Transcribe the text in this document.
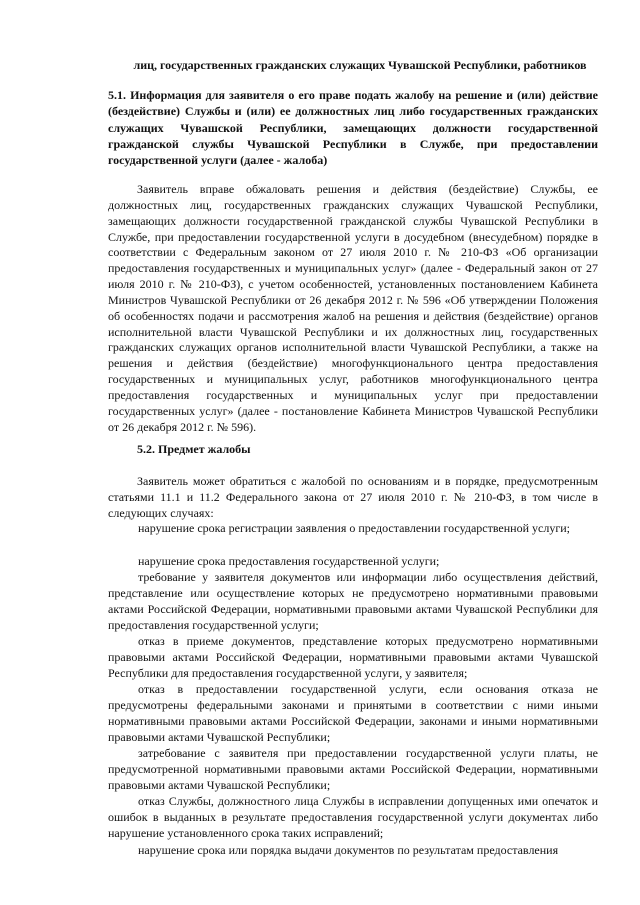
лиц, государственных гражданских служащих Чувашской Республики, работников
5.1. Информация для заявителя о его праве подать жалобу на решение и (или) действие (бездействие) Службы и (или) ее должностных лиц либо государственных гражданских служащих Чувашской Республики, замещающих должности государственной гражданской службы Чувашской Республики в Службе, при предоставлении государственной услуги (далее - жалоба)
Заявитель вправе обжаловать решения и действия (бездействие) Службы, ее должностных лиц, государственных гражданских служащих Чувашской Республики, замещающих должности государственной гражданской службы Чувашской Республики в Службе, при предоставлении государственной услуги в досудебном (внесудебном) порядке в соответствии с Федеральным законом от 27 июля 2010 г. № 210-ФЗ «Об организации предоставления государственных и муниципальных услуг» (далее - Федеральный закон от 27 июля 2010 г. № 210-ФЗ), с учетом особенностей, установленных постановлением Кабинета Министров Чувашской Республики от 26 декабря 2012 г. № 596 «Об утверждении Положения об особенностях подачи и рассмотрения жалоб на решения и действия (бездействие) органов исполнительной власти Чувашской Республики и их должностных лиц, государственных гражданских служащих органов исполнительной власти Чувашской Республики, а также на решения и действия (бездействие) многофункционального центра предоставления государственных и муниципальных услуг, работников многофункционального центра предоставления государственных и муниципальных услуг при предоставлении государственных услуг» (далее - постановление Кабинета Министров Чувашской Республики от 26 декабря 2012 г. № 596).
5.2. Предмет жалобы
Заявитель может обратиться с жалобой по основаниям и в порядке, предусмотренным статьями 11.1 и 11.2 Федерального закона от 27 июля 2010 г. № 210-ФЗ, в том числе в следующих случаях:
нарушение срока регистрации заявления о предоставлении государственной услуги;
нарушение срока предоставления государственной услуги;
требование у заявителя документов или информации либо осуществления действий, представление или осуществление которых не предусмотрено нормативными правовыми актами Российской Федерации, нормативными правовыми актами Чувашской Республики для предоставления государственной услуги;
отказ в приеме документов, представление которых предусмотрено нормативными правовыми актами Российской Федерации, нормативными правовыми актами Чувашской Республики для предоставления государственной услуги, у заявителя;
отказ в предоставлении государственной услуги, если основания отказа не предусмотрены федеральными законами и принятыми в соответствии с ними иными нормативными правовыми актами Российской Федерации, законами и иными нормативными правовыми актами Чувашской Республики;
затребование с заявителя при предоставлении государственной услуги платы, не предусмотренной нормативными правовыми актами Российской Федерации, нормативными правовыми актами Чувашской Республики;
отказ Службы, должностного лица Службы в исправлении допущенных ими опечаток и ошибок в выданных в результате предоставления государственной услуги документах либо нарушение установленного срока таких исправлений;
нарушение срока или порядка выдачи документов по результатам предоставления
